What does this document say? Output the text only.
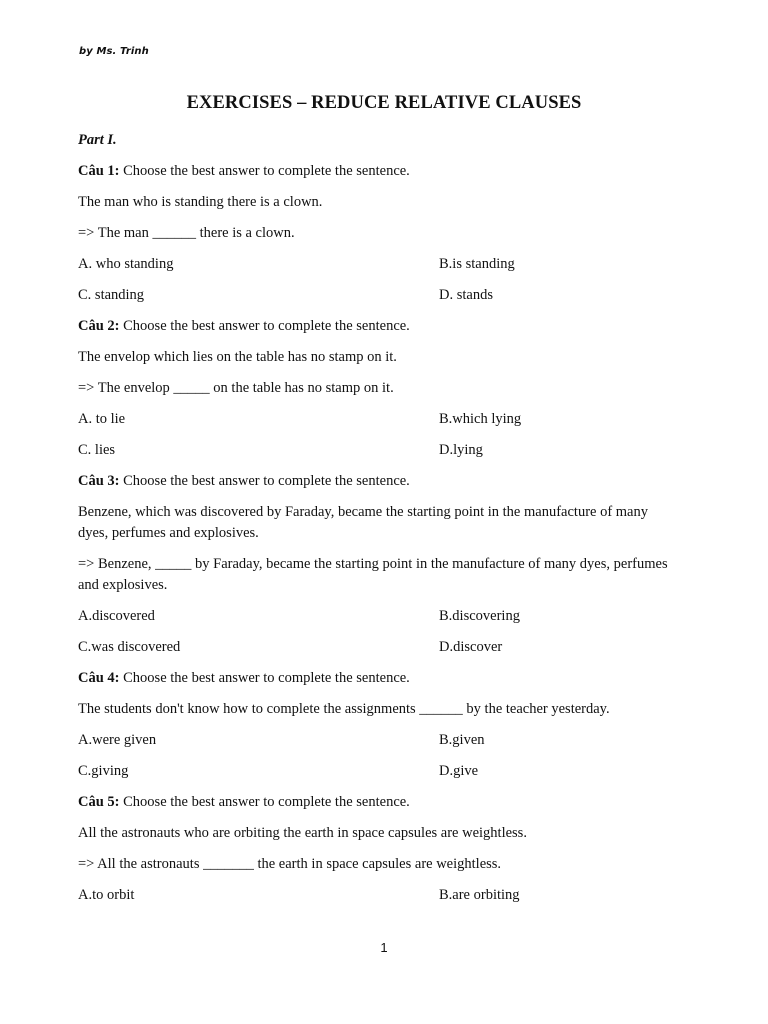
by Ms. Trinh
EXERCISES – REDUCE RELATIVE CLAUSES
Part I.
Câu 1: Choose the best answer to complete the sentence.
The man who is standing there is a clown.
=> The man ______ there is a clown.
A. who standing	B.is standing
C. standing	D. stands
Câu 2: Choose the best answer to complete the sentence.
The envelop which lies on the table has no stamp on it.
=> The envelop _____ on the table has no stamp on it.
A. to lie	B.which lying
C. lies	D.lying
Câu 3: Choose the best answer to complete the sentence.
Benzene, which was discovered by Faraday, became the starting point in the manufacture of many dyes, perfumes and explosives.
=> Benzene, _____ by Faraday, became the starting point in the manufacture of many dyes, perfumes and explosives.
A.discovered	B.discovering
C.was discovered	D.discover
Câu 4: Choose the best answer to complete the sentence.
The students don't know how to complete the assignments ______ by the teacher yesterday.
A.were given	B.given
C.giving	D.give
Câu 5: Choose the best answer to complete the sentence.
All the astronauts who are orbiting the earth in space capsules are weightless.
=> All the astronauts _______ the earth in space capsules are weightless.
A.to orbit	B.are orbiting
1
